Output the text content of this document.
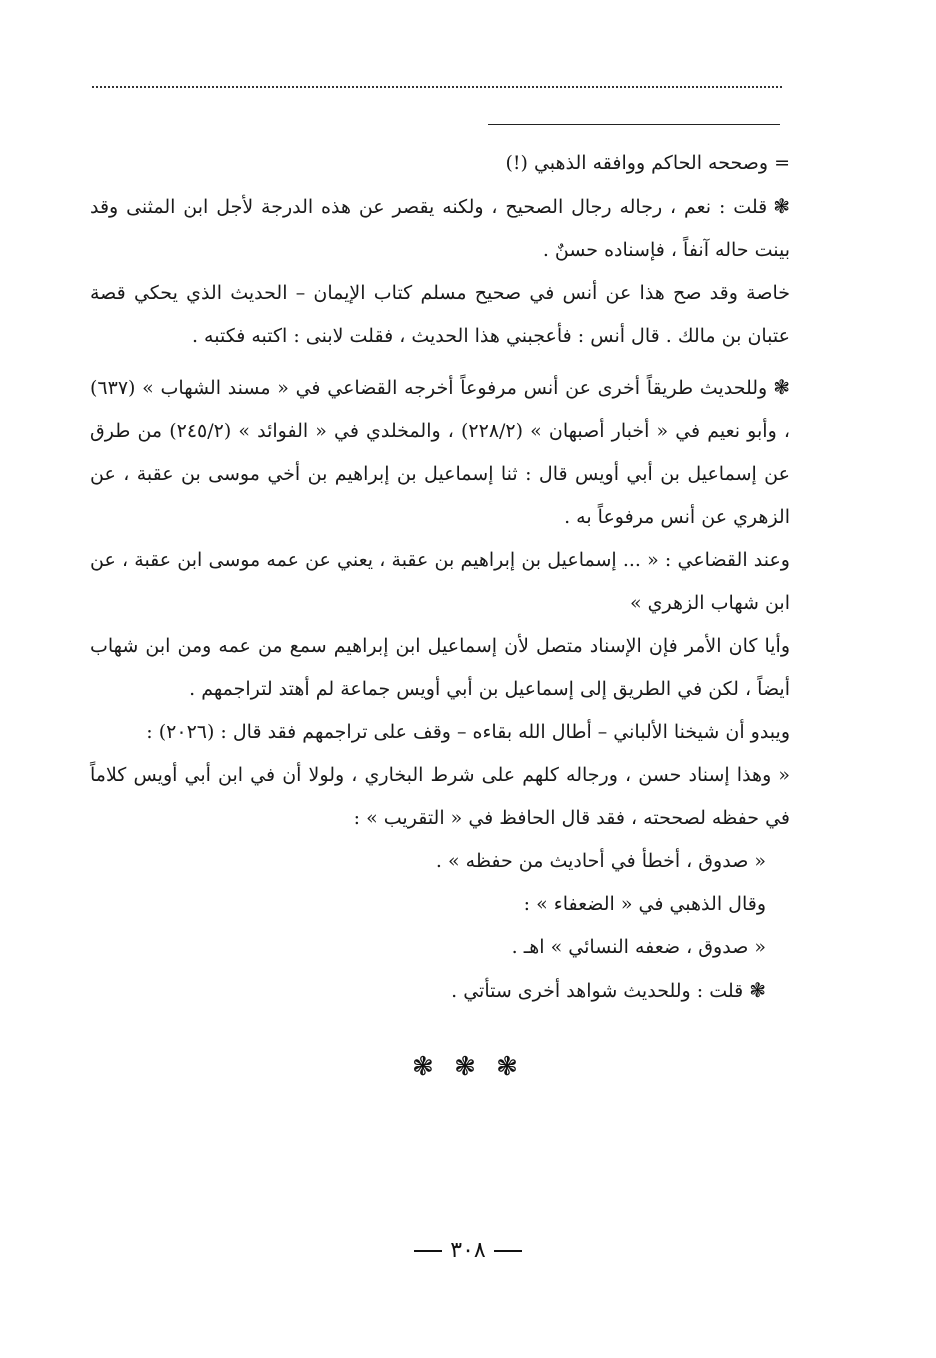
= وصححه الحاكم ووافقه الذهبي (!)

❃قلت : نعم ، رجاله رجال الصحيح ، ولكنه يقصر عن هذه الدرجة لأجل ابن المثنى وقد بينت حاله آنفاً ، فإسناده حسنٌ .

خاصة وقد صح هذا عن أنس في صحيح مسلم كتاب الإيمان – الحديث الذي يحكي قصة عتبان بن مالك . قال أنس : فأعجبني هذا الحديث ، فقلت لابنى : اكتبه فكتبه .

❃وللحديث طريقاً أخرى عن أنس مرفوعاً أخرجه القضاعي في « مسند الشهاب » (٦٣٧) ، وأبو نعيم في « أخبار أصبهان » (٢٢٨/٢) ، والمخلدي في « الفوائد » (٢٤٥/٢) من طرق عن إسماعيل بن أبي أويس قال : ثنا إسماعيل بن إبراهيم بن أخي موسى بن عقبة ، عن الزهري عن أنس مرفوعاً به .

وعند القضاعي : « ... إسماعيل بن إبراهيم بن عقبة ، يعني عن عمه موسى ابن عقبة ، عن ابن شهاب الزهري »

وأيا كان الأمر فإن الإسناد متصل لأن إسماعيل ابن إبراهيم سمع من عمه ومن ابن شهاب أيضاً ، لكن في الطريق إلى إسماعيل بن أبي أويس جماعة لم أهتد لتراجمهم .

ويبدو أن شيخنا الألباني – أطال الله بقاءه – وقف على تراجمهم فقد قال : (٢٠٢٦) :

« وهذا إسناد حسن ، ورجاله كلهم على شرط البخاري ، ولولا أن في ابن أبي أويس كلاماً في حفظه لصححته ، فقد قال الحافظ في « التقريب » :

« صدوق ، أخطأ في أحاديث من حفظه » .

وقال الذهبي في « الضعفاء » :

« صدوق ، ضعفه النسائي » اهـ .

❃قلت : وللحديث شواهد أخرى ستأتي .

❃ ❃ ❃
٣٠٨
